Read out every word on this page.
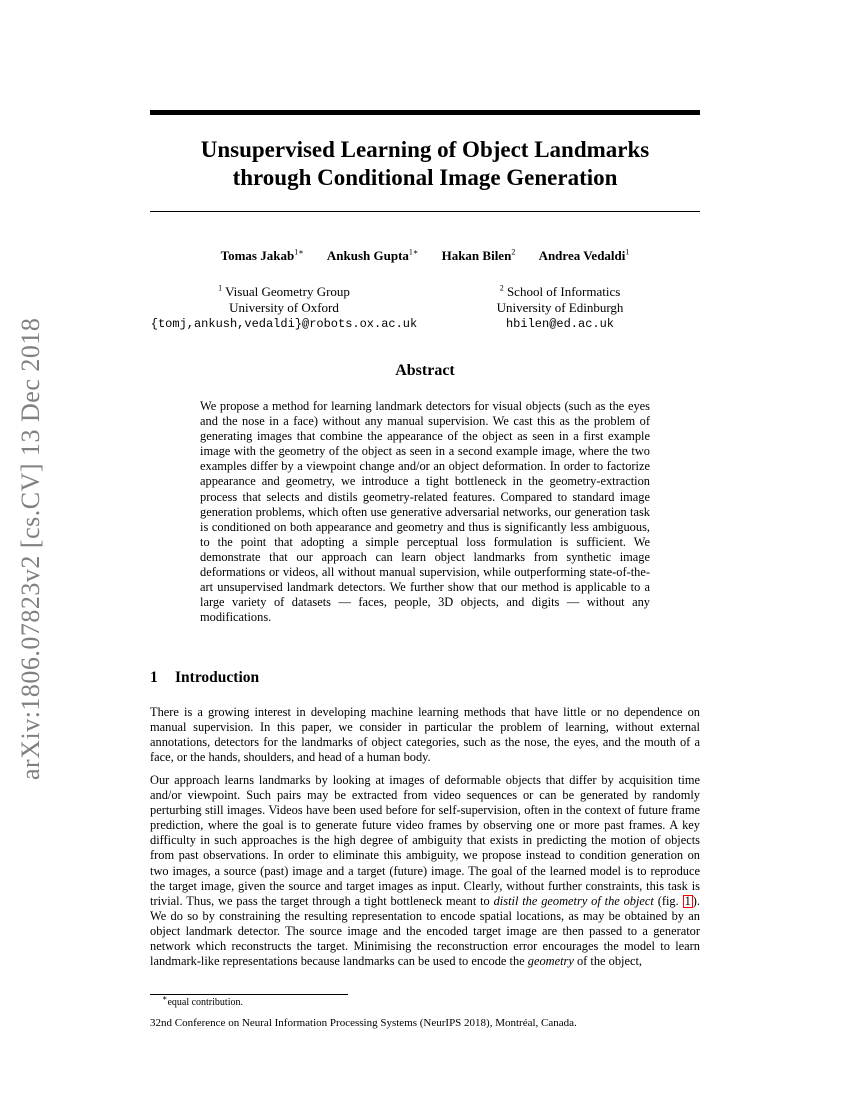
arXiv:1806.07823v2 [cs.CV] 13 Dec 2018
Unsupervised Learning of Object Landmarks
through Conditional Image Generation
Tomas Jakab$^{1∗}$ Ankush Gupta$^{1∗}$ Hakan Bilen$^2$ Andrea Vedaldi$^1$
$^1$ Visual Geometry Group
University of Oxford
{tomj,ankush,vedaldi}@robots.ox.ac.uk
$^2$ School of Informatics
University of Edinburgh
hbilen@ed.ac.uk
Abstract
We propose a method for learning landmark detectors for visual objects (such as the eyes and the nose in a face) without any manual supervision. We cast this as the problem of generating images that combine the appearance of the object as seen in a first example image with the geometry of the object as seen in a second example image, where the two examples differ by a viewpoint change and/or an object deformation. In order to factorize appearance and geometry, we introduce a tight bottleneck in the geometry-extraction process that selects and distils geometry-related features. Compared to standard image generation problems, which often use generative adversarial networks, our generation task is conditioned on both appearance and geometry and thus is significantly less ambiguous, to the point that adopting a simple perceptual loss formulation is sufficient. We demonstrate that our approach can learn object landmarks from synthetic image deformations or videos, all without manual supervision, while outperforming state-of-the-art unsupervised landmark detectors. We further show that our method is applicable to a large variety of datasets — faces, people, 3D objects, and digits — without any modifications.
1 Introduction
There is a growing interest in developing machine learning methods that have little or no dependence on manual supervision. In this paper, we consider in particular the problem of learning, without external annotations, detectors for the landmarks of object categories, such as the nose, the eyes, and the mouth of a face, or the hands, shoulders, and head of a human body.
Our approach learns landmarks by looking at images of deformable objects that differ by acquisition time and/or viewpoint. Such pairs may be extracted from video sequences or can be generated by randomly perturbing still images. Videos have been used before for self-supervision, often in the context of future frame prediction, where the goal is to generate future video frames by observing one or more past frames. A key difficulty in such approaches is the high degree of ambiguity that exists in predicting the motion of objects from past observations. In order to eliminate this ambiguity, we propose instead to condition generation on two images, a source (past) image and a target (future) image. The goal of the learned model is to reproduce the target image, given the source and target images as input. Clearly, without further constraints, this task is trivial. Thus, we pass the target through a tight bottleneck meant to distil the geometry of the object (fig. 1 ). We do so by constraining the resulting representation to encode spatial locations, as may be obtained by an object landmark detector. The source image and the encoded target image are then passed to a generator network which reconstructs the target. Minimising the reconstruction error encourages the model to learn landmark-like representations because landmarks can be used to encode the geometry of the object,
∗equal contribution.
32nd Conference on Neural Information Processing Systems (NeurIPS 2018), Montréal, Canada.
